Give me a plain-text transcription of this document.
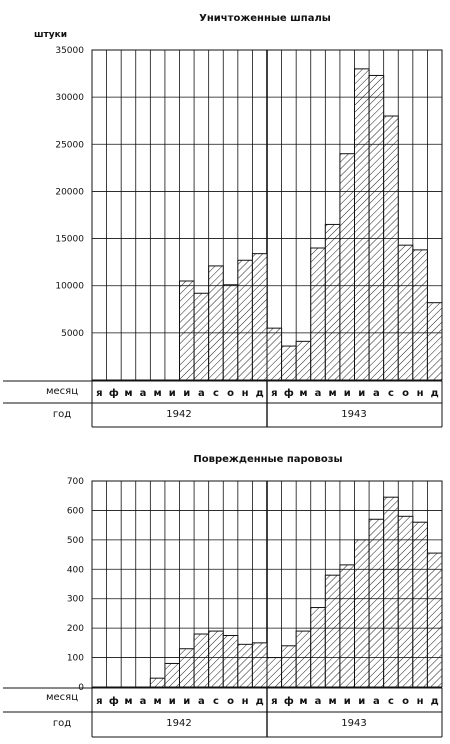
Уничтоженные шпалы
штуки
35000
30000
25000
20000
15000
10000
5000
я ф м а м и и а с о н д я ф м а м и и а с о н д
месяц
год	1942	1943
Поврежденные паровозы
700
600
500
400
300
200
100
0
я ф м а м и и а с о н д я ф м а м и и а с о н д
месяц
год	1942	1943
